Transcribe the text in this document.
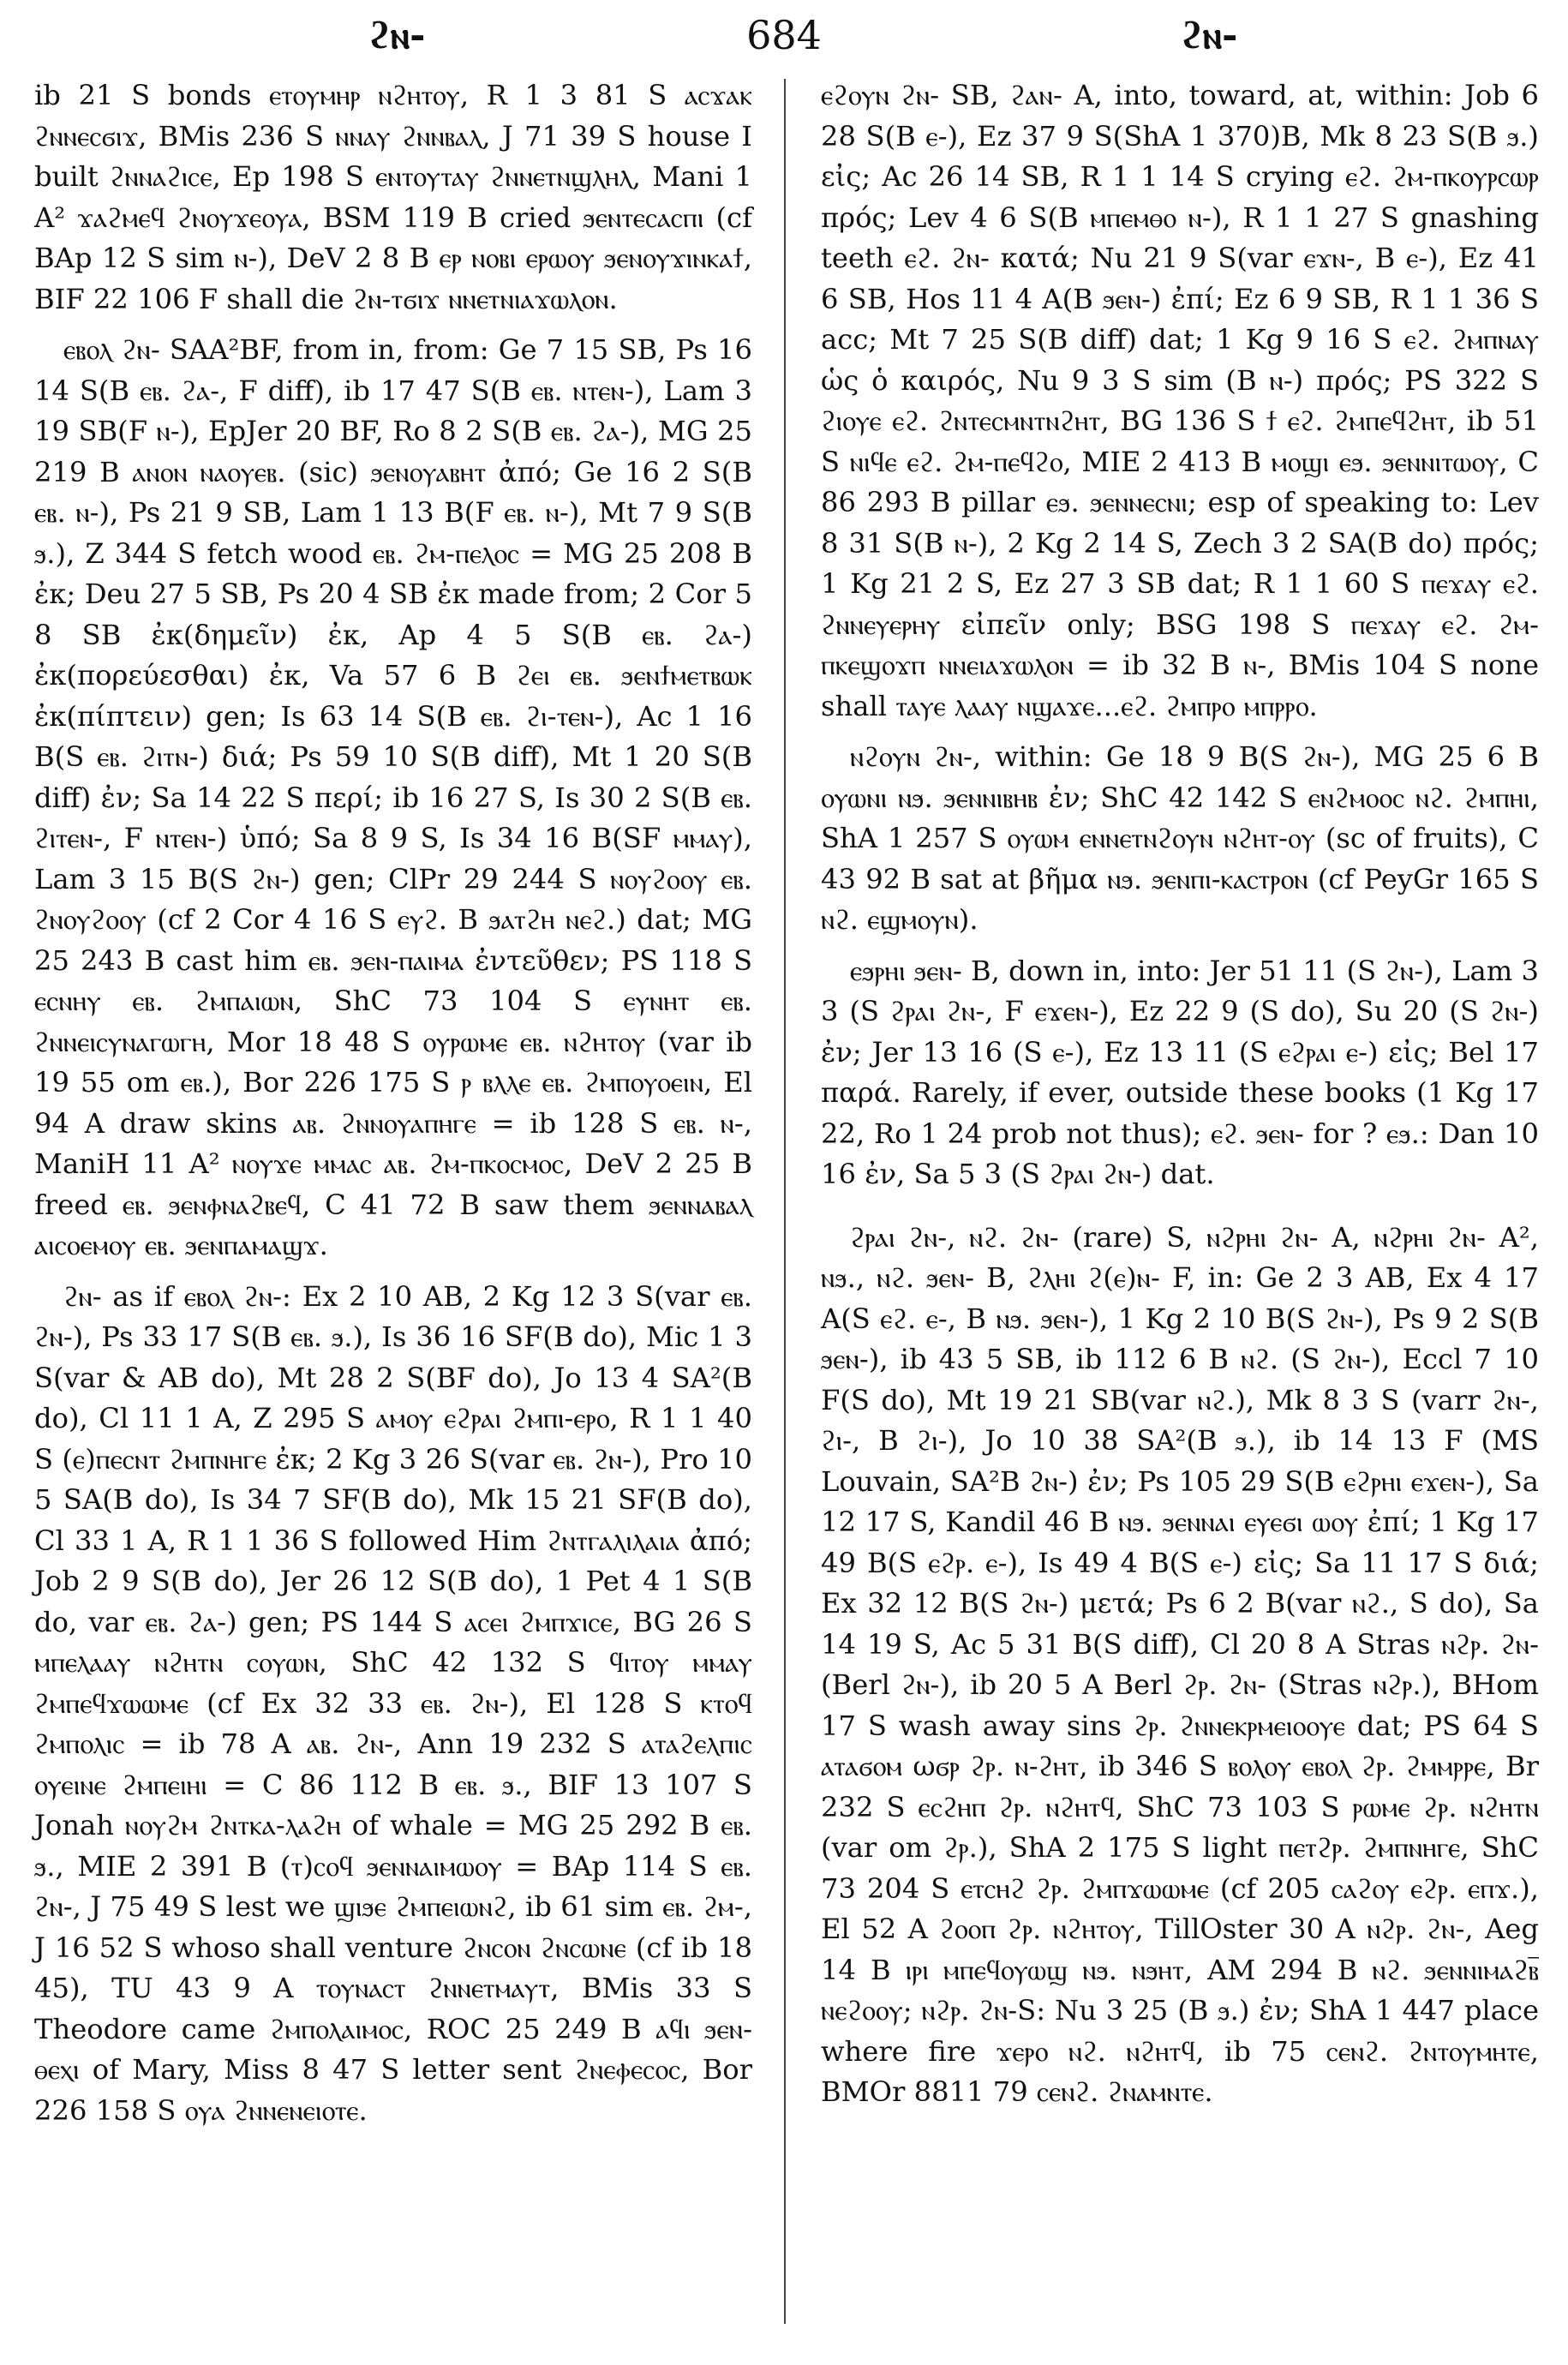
ϩⲛ-	684	ϩⲛ-

ib 21 S bonds ⲉⲧⲟⲩⲙⲏⲣ ⲛϩⲏⲧⲟⲩ, R 1 3 81 S ⲁⲥϫⲁⲕ ϩⲛⲛⲉⲥϭⲓϫ, BMis 236 S ⲛⲛⲁⲩ ϩⲛⲛⲃⲁⲗ, J 71 39 S house I built ϩⲛⲛⲁϩⲓⲥⲉ, Ep 198 S ⲉⲛⲧⲟⲩⲧⲁⲩ ϩⲛⲛⲉⲧⲛϣⲗⲏⲗ, Mani 1 A² ϫⲁϩⲙⲉϥ ϩⲛⲟⲩϫⲉⲟⲩⲁ, BSM 119 B cried ϧⲉⲛⲧⲉⲥⲁⲥⲡⲓ (cf BAp 12 S sim ⲛ-), DeV 2 8 B ⲉⲣ ⲛⲟⲃⲓ ⲉⲣⲱⲟⲩ ϧⲉⲛⲟⲩϫⲓⲛⲕⲁϯ, BIF 22 106 F shall die ϩⲛ-ⲧϭⲓϫ ⲛⲛⲉⲧⲛⲓⲁϫⲱⲗⲟⲛ.

ⲉⲃⲟⲗ ϩⲛ- SAA²BF, from in, from: Ge 7 15 SB, Ps 16 14 S(B ⲉⲃ. ϩⲁ-, F diff), ib 17 47 S(B ⲉⲃ. ⲛⲧⲉⲛ-), Lam 3 19 SB(F ⲛ-), EpJer 20 BF, Ro 8 2 S(B ⲉⲃ. ϩⲁ-), MG 25 219 B ⲁⲛⲟⲛ ⲛⲁⲟⲩⲉⲃ. (sic) ϧⲉⲛⲟⲩⲁⲃⲏⲧ ἀπό; Ge 16 2 S(B ⲉⲃ. ⲛ-), Ps 21 9 SB, Lam 1 13 B(F ⲉⲃ. ⲛ-), Mt 7 9 S(B ϧ.), Z 344 S fetch wood ⲉⲃ. ϩⲙ-ⲡⲉⲗⲟⲥ = MG 25 208 B ἐκ; Deu 27 5 SB, Ps 20 4 SB ἐκ made from; 2 Cor 5 8 SB ἐκ(δημεῖν) ἐκ, Ap 4 5 S(B ⲉⲃ. ϩⲁ-) ἐκ(πορεύεσθαι) ἐκ, Va 57 6 B ϩⲉⲓ ⲉⲃ. ϧⲉⲛϯⲙⲉⲧⲃⲱⲕ ἐκ(πίπτειν) gen; Is 63 14 S(B ⲉⲃ. ϩⲓ-ⲧⲉⲛ-), Ac 1 16 B(S ⲉⲃ. ϩⲓⲧⲛ-) διά; Ps 59 10 S(B diff), Mt 1 20 S(B diff) ἐν; Sa 14 22 S περί; ib 16 27 S, Is 30 2 S(B ⲉⲃ. ϩⲓⲧⲉⲛ-, F ⲛⲧⲉⲛ-) ὑπό; Sa 8 9 S, Is 34 16 B(SF ⲙⲙⲁⲩ), Lam 3 15 B(S ϩⲛ-) gen; ClPr 29 244 S ⲛⲟⲩϩⲟⲟⲩ ⲉⲃ. ϩⲛⲟⲩϩⲟⲟⲩ (cf 2 Cor 4 16 S ⲉⲩϩ. B ϧⲁⲧϩⲏ ⲛⲉϩ.) dat; MG 25 243 B cast him ⲉⲃ. ϧⲉⲛ-ⲡⲁⲓⲙⲁ ἐντεῦθεν; PS 118 S ⲉⲥⲛⲏⲩ ⲉⲃ. ϩⲙⲡⲁⲓⲱⲛ, ShC 73 104 S ⲉⲩⲛⲏⲧ ⲉⲃ. ϩⲛⲛⲉⲓⲥⲩⲛⲁⲅⲱⲅⲏ, Mor 18 48 S ⲟⲩⲣⲱⲙⲉ ⲉⲃ. ⲛϩⲏⲧⲟⲩ (var ib 19 55 om ⲉⲃ.), Bor 226 175 S ⲣ ⲃⲗⲗⲉ ⲉⲃ. ϩⲙⲡⲟⲩⲟⲉⲓⲛ, El 94 A draw skins ⲁⲃ. ϩⲛⲛⲟⲩⲁⲡⲏⲅⲉ = ib 128 S ⲉⲃ. ⲛ-, ManiH 11 A² ⲛⲟⲩϫⲉ ⲙⲙⲁⲥ ⲁⲃ. ϩⲙ-ⲡⲕⲟⲥⲙⲟⲥ, DeV 2 25 B freed ⲉⲃ. ϧⲉⲛⲫⲛⲁϩⲃⲉϥ, C 41 72 B saw them ϧⲉⲛⲛⲁⲃⲁⲗ ⲁⲓⲥⲟⲉⲙⲟⲩ ⲉⲃ. ϧⲉⲛⲡⲁⲙⲁϣϫ.

ϩⲛ- as if ⲉⲃⲟⲗ ϩⲛ-: Ex 2 10 AB, 2 Kg 12 3 S(var ⲉⲃ. ϩⲛ-), Ps 33 17 S(B ⲉⲃ. ϧ.), Is 36 16 SF(B do), Mic 1 3 S(var & AB do), Mt 28 2 S(BF do), Jo 13 4 SA²(B do), Cl 11 1 A, Z 295 S ⲁⲙⲟⲩ ⲉϩⲣⲁⲓ ϩⲙⲡⲓ-ⲉⲣⲟ, R 1 1 40 S (ⲉ)ⲡⲉⲥⲛⲧ ϩⲙⲡⲛⲏⲅⲉ ἐκ; 2 Kg 3 26 S(var ⲉⲃ. ϩⲛ-), Pro 10 5 SA(B do), Is 34 7 SF(B do), Mk 15 21 SF(B do), Cl 33 1 A, R 1 1 36 S followed Him ϩⲛⲧⲅⲁⲗⲓⲗⲁⲓⲁ ἀπό; Job 2 9 S(B do), Jer 26 12 S(B do), 1 Pet 4 1 S(B do, var ⲉⲃ. ϩⲁ-) gen; PS 144 S ⲁⲥⲉⲓ ϩⲙⲡϫⲓⲥⲉ, BG 26 S ⲙⲡⲉⲗⲁⲁⲩ ⲛϩⲏⲧⲛ ⲥⲟⲩⲱⲛ, ShC 42 132 S ϥⲓⲧⲟⲩ ⲙⲙⲁⲩ ϩⲙⲡⲉϥϫⲱⲱⲙⲉ (cf Ex 32 33 ⲉⲃ. ϩⲛ-), El 128 S ⲕⲧⲟϥ ϩⲙⲡⲟⲗⲓⲥ = ib 78 A ⲁⲃ. ϩⲛ-, Ann 19 232 S ⲁⲧⲁϩⲉⲗⲡⲓⲥ ⲟⲩⲉⲓⲛⲉ ϩⲙⲡⲉⲓⲏⲓ = C 86 112 B ⲉⲃ. ϧ., BIF 13 107 S Jonah ⲛⲟⲩϩⲙ ϩⲛⲧⲕⲁ-ⲗⲁϩⲏ of whale = MG 25 292 B ⲉⲃ. ϧ., MIE 2 391 B (ⲧ)ⲥⲟϥ ϧⲉⲛⲛⲁⲓⲙⲱⲟⲩ = BAp 114 S ⲉⲃ. ϩⲛ-, J 75 49 S lest we ϣⲓϧⲉ ϩⲙⲡⲉⲓⲱⲛϩ, ib 61 sim ⲉⲃ. ϩⲙ-, J 16 52 S whoso shall venture ϩⲛⲥⲟⲛ ϩⲛⲥⲱⲛⲉ (cf ib 18 45), TU 43 9 A ⲧⲟⲩⲛⲁⲥⲧ ϩⲛⲛⲉⲧⲙⲁⲩⲧ, BMis 33 S Theodore came ϩⲙⲡⲟⲗⲁⲓⲙⲟⲥ, ROC 25 249 B ⲁϥⲓ ϧⲉⲛ-ⲑⲉⲭⲓ of Mary, Miss 8 47 S letter sent ϩⲛⲉⲫⲉⲥⲟⲥ, Bor 226 158 S ⲟⲩⲁ ϩⲛⲛⲉⲛⲉⲓⲟⲧⲉ.

ⲉϩⲟⲩⲛ ϩⲛ- SB, ϩⲁⲛ- A, into, toward, at, within: Job 6 28 S(B ⲉ-), Ez 37 9 S(ShA 1 370)B, Mk 8 23 S(B ϧ.) εἰς; Ac 26 14 SB, R 1 1 14 S crying ⲉϩ. ϩⲙ-ⲡⲕⲟⲩⲣⲥⲱⲣ πρός; Lev 4 6 S(B ⲙⲡⲉⲙⲑⲟ ⲛ-), R 1 1 27 S gnashing teeth ⲉϩ. ϩⲛ- κατά; Nu 21 9 S(var ⲉϫⲛ-, B ⲉ-), Ez 41 6 SB, Hos 11 4 A(B ϧⲉⲛ-) ἐπί; Ez 6 9 SB, R 1 1 36 S acc; Mt 7 25 S(B diff) dat; 1 Kg 9 16 S ⲉϩ. ϩⲙⲡⲛⲁⲩ ὡς ὁ καιρός, Nu 9 3 S sim (B ⲛ-) πρός; PS 322 S ϩⲓⲟⲩⲉ ⲉϩ. ϩⲛⲧⲉⲥⲙⲛⲧⲛϩⲏⲧ, BG 136 S ϯ ⲉϩ. ϩⲙⲡⲉϥϩⲏⲧ, ib 51 S ⲛⲓϥⲉ ⲉϩ. ϩⲙ-ⲡⲉϥϩⲟ, MIE 2 413 B ⲙⲟϣⲓ ⲉϧ. ϧⲉⲛⲛⲓⲧⲱⲟⲩ, C 86 293 B pillar ⲉϧ. ϧⲉⲛⲛⲉⲥⲛⲓ; esp of speaking to: Lev 8 31 S(B ⲛ-), 2 Kg 2 14 S, Zech 3 2 SA(B do) πρός; 1 Kg 21 2 S, Ez 27 3 SB dat; R 1 1 60 S ⲡⲉϫⲁⲩ ⲉϩ. ϩⲛⲛⲉⲩⲉⲣⲏⲩ εἰπεῖν only; BSG 198 S ⲡⲉϫⲁⲩ ⲉϩ. ϩⲙ-ⲡⲕⲉϣⲟϫⲡ ⲛⲛⲉⲓⲁϫⲱⲗⲟⲛ = ib 32 B ⲛ-, BMis 104 S none shall ⲧⲁⲩⲉ ⲗⲁⲁⲩ ⲛϣⲁϫⲉ...ⲉϩ. ϩⲙⲡⲣⲟ ⲙⲡⲣⲣⲟ.

ⲛϩⲟⲩⲛ ϩⲛ-, within: Ge 18 9 B(S ϩⲛ-), MG 25 6 B ⲟⲩⲱⲛⲓ ⲛϧ. ϧⲉⲛⲛⲓⲃⲏⲃ ἐν; ShC 42 142 S ⲉⲛϩⲙⲟⲟⲥ ⲛϩ. ϩⲙⲡⲏⲓ, ShA 1 257 S ⲟⲩⲱⲙ ⲉⲛⲛⲉⲧⲛϩⲟⲩⲛ ⲛϩⲏⲧ-ⲟⲩ (sc of fruits), C 43 92 B sat at βῆμα ⲛϧ. ϧⲉⲛⲡⲓ-ⲕⲁⲥⲧⲣⲟⲛ (cf PeyGr 165 S ⲛϩ. ⲉϣⲙⲟⲩⲛ).

ⲉϧⲣⲏⲓ ϧⲉⲛ- B, down in, into: Jer 51 11 (S ϩⲛ-), Lam 3 3 (S ϩⲣⲁⲓ ϩⲛ-, F ⲉϫⲉⲛ-), Ez 22 9 (S do), Su 20 (S ϩⲛ-) ἐν; Jer 13 16 (S ⲉ-), Ez 13 11 (S ⲉϩⲣⲁⲓ ⲉ-) εἰς; Bel 17 παρά. Rarely, if ever, outside these books (1 Kg 17 22, Ro 1 24 prob not thus); ⲉϩ. ϧⲉⲛ- for ? ⲉϧ.: Dan 10 16 ἐν, Sa 5 3 (S ϩⲣⲁⲓ ϩⲛ-) dat.

ϩⲣⲁⲓ ϩⲛ-, ⲛϩ. ϩⲛ- (rare) S, ⲛϩⲣⲏⲓ ϩⲛ- A, ⲛϩⲣⲏⲓ ϩⲛ- A², ⲛϧ., ⲛϩ. ϧⲉⲛ- B, ϩⲗⲏⲓ ϩ(ⲉ)ⲛ- F, in: Ge 2 3 AB, Ex 4 17 A(S ⲉϩ. ⲉ-, B ⲛϧ. ϧⲉⲛ-), 1 Kg 2 10 B(S ϩⲛ-), Ps 9 2 S(B ϧⲉⲛ-), ib 43 5 SB, ib 112 6 B ⲛϩ. (S ϩⲛ-), Eccl 7 10 F(S do), Mt 19 21 SB(var ⲛϩ.), Mk 8 3 S (varr ϩⲛ-, ϩⲓ-, B ϩⲓ-), Jo 10 38 SA²(B ϧ.), ib 14 13 F (MS Louvain, SA²B ϩⲛ-) ἐν; Ps 105 29 S(B ⲉϩⲣⲏⲓ ⲉϫⲉⲛ-), Sa 12 17 S, Kandil 46 B ⲛϧ. ϧⲉⲛⲛⲁⲓ ⲉⲩⲉϭⲓ ⲱⲟⲩ ἐπί; 1 Kg 17 49 B(S ⲉϩⲣ. ⲉ-), Is 49 4 B(S ⲉ-) εἰς; Sa 11 17 S διά; Ex 32 12 B(S ϩⲛ-) μετά; Ps 6 2 B(var ⲛϩ., S do), Sa 14 19 S, Ac 5 31 B(S diff), Cl 20 8 A Stras ⲛϩⲣ. ϩⲛ- (Berl ϩⲛ-), ib 20 5 A Berl ϩⲣ. ϩⲛ- (Stras ⲛϩⲣ.), BHom 17 S wash away sins ϩⲣ. ϩⲛⲛⲉⲕⲣⲙⲉⲓⲟⲟⲩⲉ dat; PS 64 S ⲁⲧⲁϭⲟⲙ ωϭⲣ ϩⲣ. ⲛ-ϩⲏⲧ, ib 346 S ⲃⲟⲗⲟⲩ ⲉⲃⲟⲗ ϩⲣ. ϩⲙⲙⲣⲣⲉ, Br 232 S ⲉⲥϩⲏⲡ ϩⲣ. ⲛϩⲏⲧϥ, ShC 73 103 S ⲣⲱⲙⲉ ϩⲣ. ⲛϩⲏⲧⲛ (var om ϩⲣ.), ShA 2 175 S light ⲡⲉⲧϩⲣ. ϩⲙⲡⲛⲏⲅⲉ, ShC 73 204 S ⲉⲧⲥⲏϩ ϩⲣ. ϩⲙⲡϫⲱⲱⲙⲉ (cf 205 ⲥⲁϩⲟⲩ ⲉϩⲣ. ⲉⲡϫ.), El 52 A ϩⲟⲟⲡ ϩⲣ. ⲛϩⲏⲧⲟⲩ, TillOster 30 A ⲛϩⲣ. ϩⲛ-, Aeg 14 B ⲓⲣⲓ ⲙⲡⲉϥⲟⲩⲱϣ ⲛϧ. ⲛϧⲏⲧ, AM 294 B ⲛϩ. ϧⲉⲛⲛⲓⲙⲁϩⲃ̅ ⲛⲉϩⲟⲟⲩ; ⲛϩⲣ. ϩⲛ-S: Nu 3 25 (B ϧ.) ἐν; ShA 1 447 place where fire ϫⲉⲣⲟ ⲛϩ. ⲛϩⲏⲧϥ, ib 75 ⲥⲉⲛϩ. ϩⲛⲧⲟⲩⲙⲏⲧⲉ, BMOr 8811 79 ⲥⲉⲛϩ. ϩⲛⲁⲙⲛⲧⲉ.
